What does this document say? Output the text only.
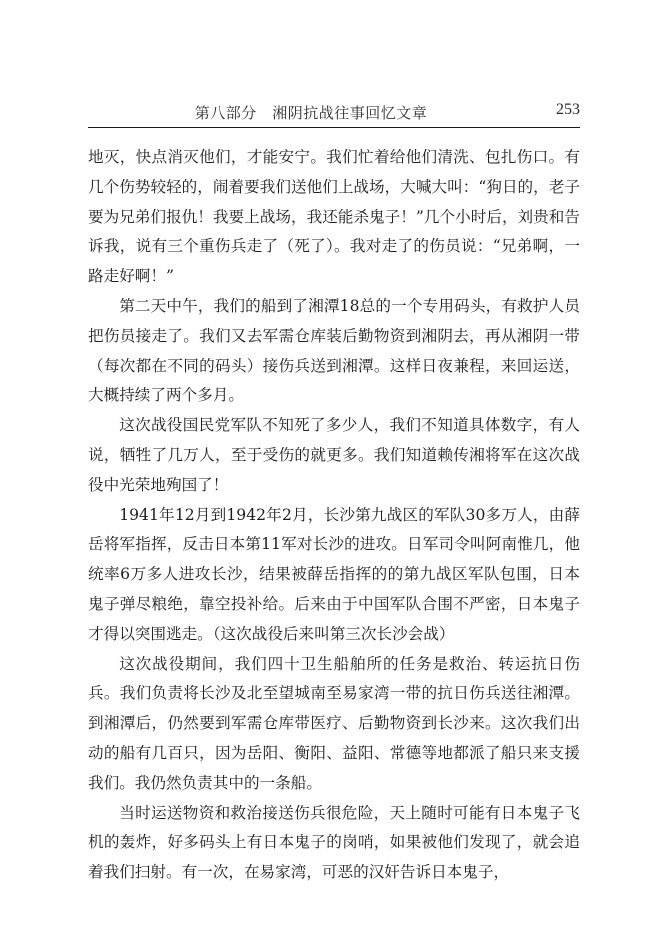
第八部分　湘阴抗战往事回忆文章	253

地灭，快点消灭他们，才能安宁。我们忙着给他们清洗、包扎伤口。有几个伤势较轻的，闹着要我们送他们上战场，大喊大叫：“狗日的，老子要为兄弟们报仇！我要上战场，我还能杀鬼子！”几个小时后，刘贵和告诉我，说有三个重伤兵走了（死了）。我对走了的伤员说：“兄弟啊，一路走好啊！”

第二天中午，我们的船到了湘潭18总的一个专用码头，有救护人员把伤员接走了。我们又去军需仓库装后勤物资到湘阴去，再从湘阴一带（每次都在不同的码头）接伤兵送到湘潭。这样日夜兼程，来回运送，大概持续了两个多月。

这次战役国民党军队不知死了多少人，我们不知道具体数字，有人说，牺牲了几万人，至于受伤的就更多。我们知道赖传湘将军在这次战役中光荣地殉国了！

1941年12月到1942年2月，长沙第九战区的军队30多万人，由薛岳将军指挥，反击日本第11军对长沙的进攻。日军司令叫阿南惟几，他统率6万多人进攻长沙，结果被薛岳指挥的的第九战区军队包围，日本鬼子弹尽粮绝，靠空投补给。后来由于中国军队合围不严密，日本鬼子才得以突围逃走。（这次战役后来叫第三次长沙会战）

这次战役期间，我们四十卫生船舶所的任务是救治、转运抗日伤兵。我们负责将长沙及北至望城南至易家湾一带的抗日伤兵送往湘潭。到湘潭后，仍然要到军需仓库带医疗、后勤物资到长沙来。这次我们出动的船有几百只，因为岳阳、衡阳、益阳、常德等地都派了船只来支援我们。我仍然负责其中的一条船。

当时运送物资和救治接送伤兵很危险，天上随时可能有日本鬼子飞机的轰炸，好多码头上有日本鬼子的岗哨，如果被他们发现了，就会追着我们扫射。有一次，在易家湾，可恶的汉奸告诉日本鬼子，
